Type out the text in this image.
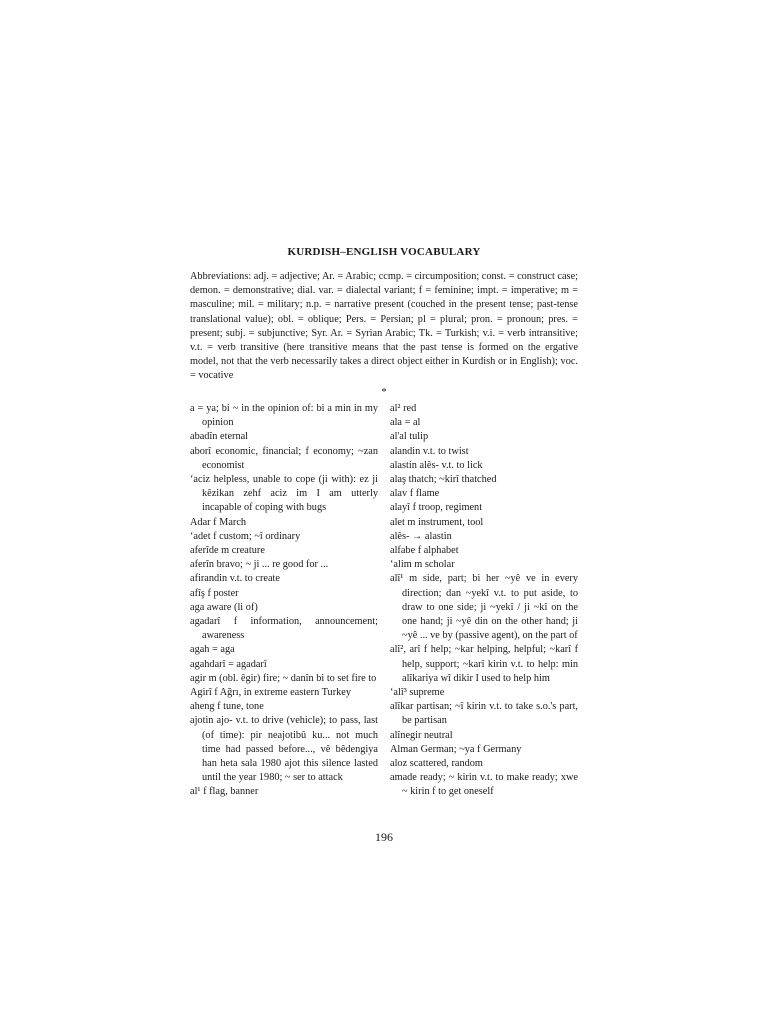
KURDISH–ENGLISH VOCABULARY

Abbreviations: adj. = adjective; Ar. = Arabic; ccmp. = circumposition; const. = construct case; demon. = demonstrative; dial. var. = dialectal variant; f = feminine; impt. = imperative; m = masculine; mil. = military; n.p. = narrative present (couched in the present tense; past-tense translational value); obl. = oblique; Pers. = Persian; pl = plural; pron. = pronoun; pres. = present; subj. = subjunctive; Syr. Ar. = Syrian Arabic; Tk. = Turkish; v.i. = verb intransitive; v.t. = verb transitive (here transitive means that the past tense is formed on the ergative model, not that the verb necessarily takes a direct object either in Kurdish or in English); voc. = vocative

*

a = ya; bi ~ in the opinion of: bi a min in my opinion

abadîn eternal

aborî economic, financial; f economy; ~zan economist

ʻaciz helpless, unable to cope (ji with): ez ji kêzikan zehf aciz im I am utterly incapable of coping with bugs

Adar f March

ʻadet f custom; ~î ordinary

aferîde m creature

aferîn bravo; ~ ji ... re good for ...

afirandin v.t. to create

afîş f poster

aga aware (li of)

agadarî f information, announcement; awareness

agah = aga

agahdarî = agadarî

agir m (obl. êgir) fire; ~ danîn bi to set fire to

Agirî f Ağrı, in extreme eastern Turkey

aheng f tune, tone

ajotin ajo- v.t. to drive (vehicle); to pass, last (of time): pir neajotibû ku... not much time had passed before..., vê bêdengiya han heta sala 1980 ajot this silence lasted until the year 1980; ~ ser to attack

al¹ f flag, banner

al² red

ala = al

al'al tulip

alandin v.t. to twist

alastin alês- v.t. to lick

alaş thatch; ~kirî thatched

alav f flame

alayî f troop, regiment

alet m instrument, tool

alês- → alastin

alfabe f alphabet

ʻalim m scholar

alî¹ m side, part; bi her ~yê ve in every direction; dan ~yekî v.t. to put aside, to draw to one side; ji ~yekî / ji ~kî on the one hand; ji ~yê din on the other hand; ji ~yê ... ve by (passive agent), on the part of

alî², arî f help; ~kar helping, helpful; ~karî f help, support; ~karî kirin v.t. to help: min alîkariya wî dikir I used to help him

ʻalî³ supreme

alîkar partisan; ~î kirin v.t. to take s.o.'s part, be partisan

alînegir neutral

Alman German; ~ya f Germany

aloz scattered, random

amade ready; ~ kirin v.t. to make ready; xwe ~ kirin f to get oneself

196
